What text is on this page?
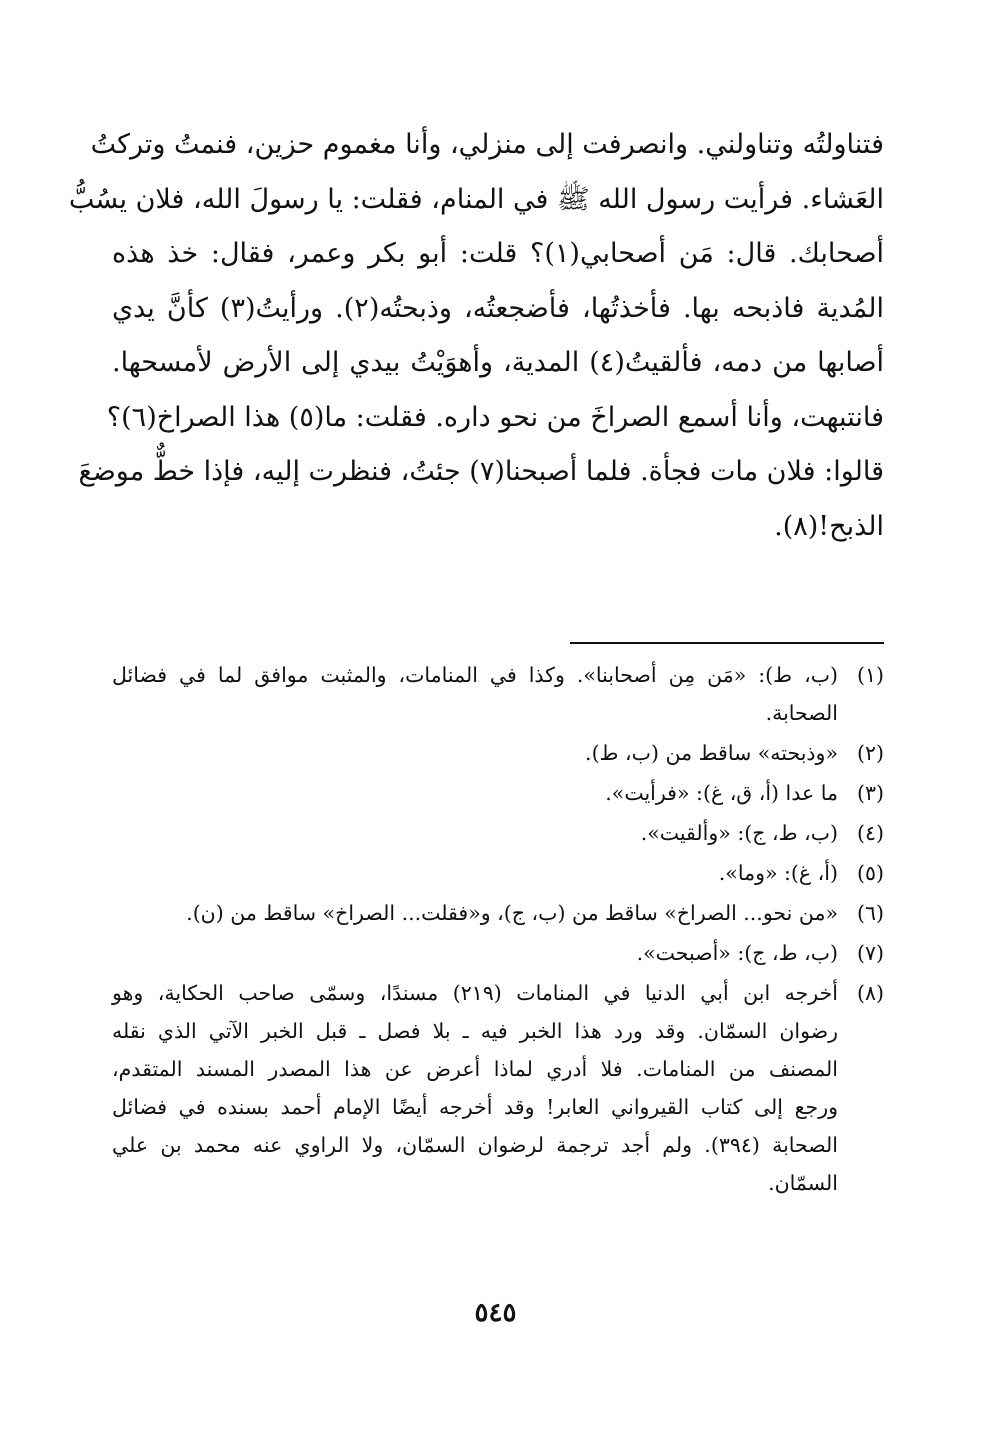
فتناولتُه وتناولني. وانصرفت إلى منزلي، وأنا مغموم حزين، فنمتُ وتركتُ
العَشاء. فرأيت رسول الله ﷺ في المنام، فقلت: يا رسولَ الله، فلان يسُبُّ
أصحابك. قال: مَن أصحابي(١)؟ قلت: أبو بكر وعمر، فقال: خذ هذه
المُدية فاذبحه بها. فأخذتُها، فأضجعتُه، وذبحتُه(٢). ورأيتُ(٣) كأنَّ يدي
أصابها من دمه، فألقيتُ(٤) المدية، وأهوَيْتُ بيدي إلى الأرض لأمسحها.
فانتبهت، وأنا أسمع الصراخَ من نحو داره. فقلت: ما(٥) هذا الصراخ(٦)؟
قالوا: فلان مات فجأة. فلما أصبحنا(٧) جئتُ، فنظرت إليه، فإذا خطٌّ موضعَ
الذبح!(٨).
(١)
(ب، ط): «مَن مِن أصحابنا». وكذا في المنامات، والمثبت موافق لما في فضائل
الصحابة.
(٢)
«وذبحته» ساقط من (ب، ط).
(٣)
ما عدا (أ، ق، غ): «فرأيت».
(٤)
(ب، ط، ج): «وألقيت».
(٥)
(أ، غ): «وما».
(٦)
«من نحو... الصراخ» ساقط من (ب، ج)، و«فقلت... الصراخ» ساقط من (ن).
(٧)
(ب، ط، ج): «أصبحت».
(٨)
أخرجه ابن أبي الدنيا في المنامات (٢١٩) مسندًا، وسمّى صاحب الحكاية، وهو
رضوان السمّان. وقد ورد هذا الخبر فيه ـ بلا فصل ـ قبل الخبر الآتي الذي نقله
المصنف من المنامات. فلا أدري لماذا أعرض عن هذا المصدر المسند المتقدم،
ورجع إلى كتاب القيرواني العابر! وقد أخرجه أيضًا الإمام أحمد بسنده في فضائل
الصحابة (٣٩٤). ولم أجد ترجمة لرضوان السمّان، ولا الراوي عنه محمد بن علي
السمّان.
٥٤٥
